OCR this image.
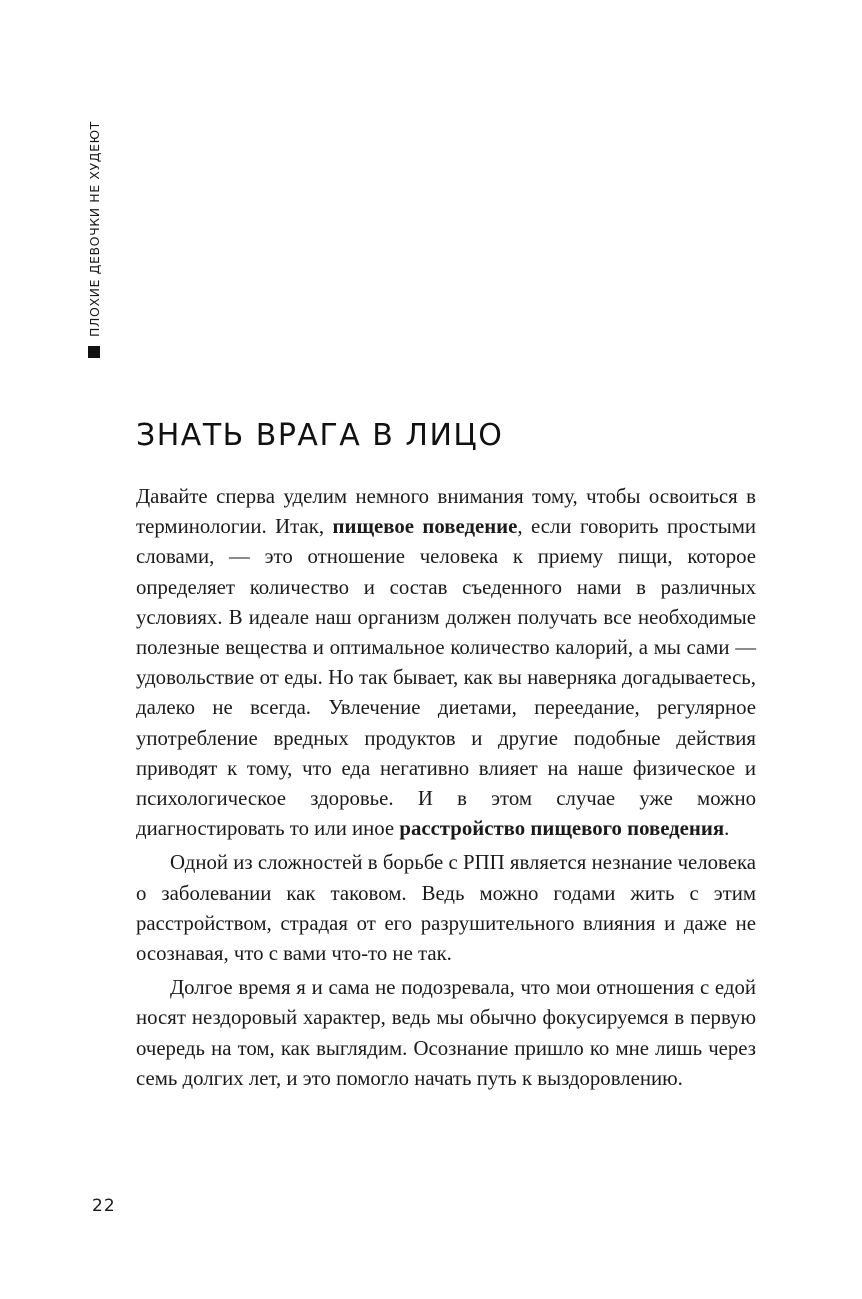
ПЛОХИЕ ДЕВОЧКИ НЕ ХУДЕЮТ
ЗНАТЬ ВРАГА В ЛИЦО

Давайте сперва уделим немного внимания тому, чтобы освоиться в терминологии. Итак, пищевое поведение, если говорить простыми словами, — это отношение человека к приему пищи, которое определяет количество и состав съеденного нами в различных условиях. В идеале наш организм должен получать все необходимые полезные вещества и оптимальное количество калорий, а мы сами — удовольствие от еды. Но так бывает, как вы наверняка догадываетесь, далеко не всегда. Увлечение диетами, переедание, регулярное употребление вредных продуктов и другие подобные действия приводят к тому, что еда негативно влияет на наше физическое и психологическое здоровье. И в этом случае уже можно диагностировать то или иное расстройство пищевого поведения.

Одной из сложностей в борьбе с РПП является незнание человека о заболевании как таковом. Ведь можно годами жить с этим расстройством, страдая от его разрушительного влияния и даже не осознавая, что с вами что-то не так.

Долгое время я и сама не подозревала, что мои отношения с едой носят нездоровый характер, ведь мы обычно фокусируемся в первую очередь на том, как выглядим. Осознание пришло ко мне лишь через семь долгих лет, и это помогло начать путь к выздоровлению.

22
